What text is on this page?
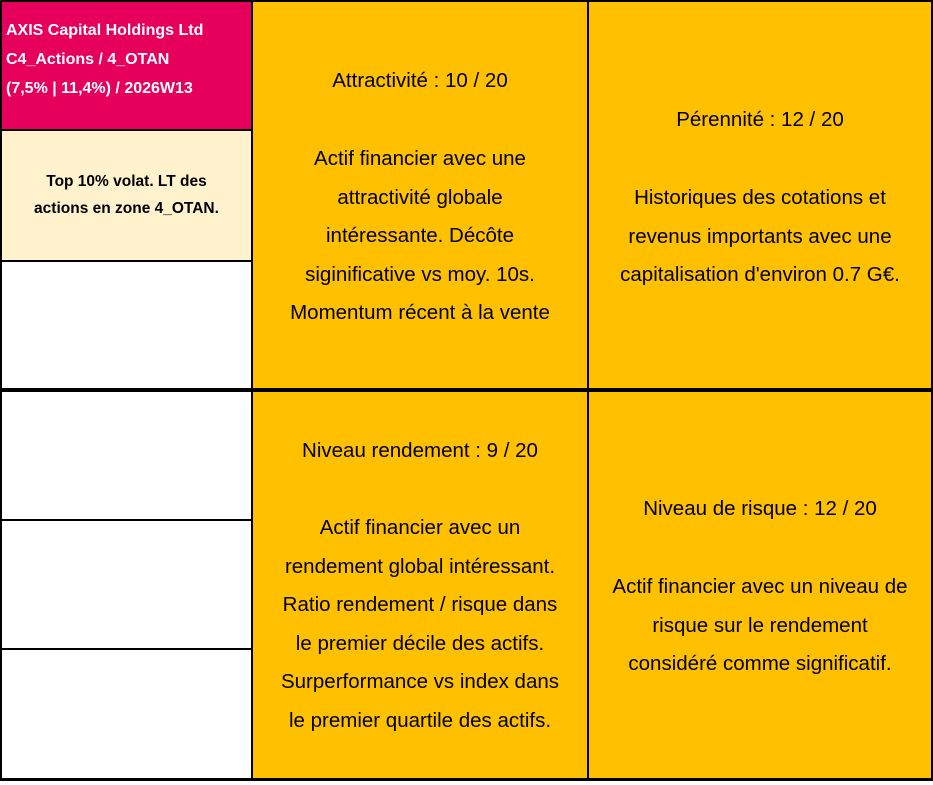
AXIS Capital Holdings Ltd
C4_Actions / 4_OTAN
(7,5% | 11,4%) / 2026W13
Top 10% volat. LT des
actions en zone 4_OTAN.
Attractivité : 10 / 20
Actif financier avec une
attractivité globale
intéressante. Décôte
siginificative vs moy. 10s.
Momentum récent à la vente
Pérennité : 12 / 20
Historiques des cotations et
revenus importants avec une
capitalisation d'environ 0.7 G€.
Niveau rendement : 9 / 20
Actif financier avec un
rendement global intéressant.
Ratio rendement / risque dans
le premier décile des actifs.
Surperformance vs index dans
le premier quartile des actifs.
Niveau de risque : 12 / 20
Actif financier avec un niveau de
risque sur le rendement
considéré comme significatif.
